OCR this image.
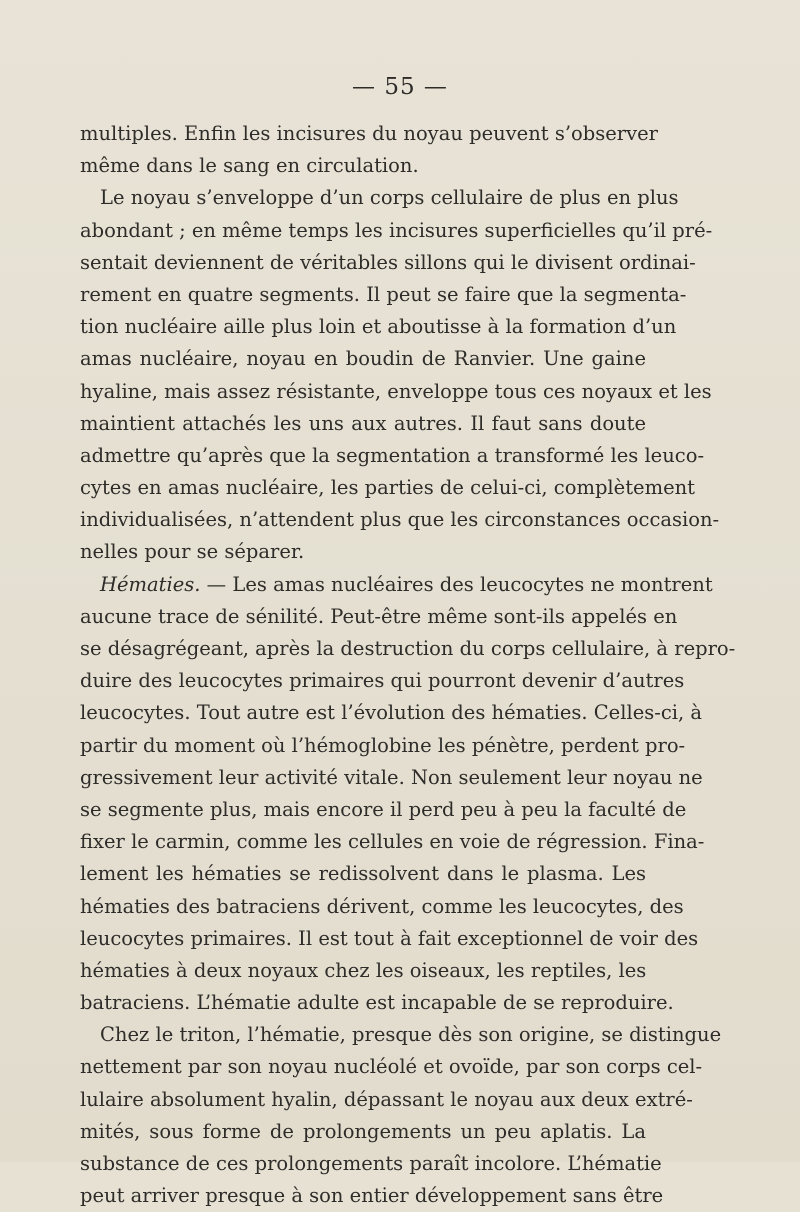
— 55 —
multiples. Enfin les incisures du noyau peuvent s’observer
même dans le sang en circulation.
Le noyau s’enveloppe d’un corps cellulaire de plus en plus
abondant ; en même temps les incisures superficielles qu’il pré-
sentait deviennent de véritables sillons qui le divisent ordinai-
rement en quatre segments. Il peut se faire que la segmenta-
tion nucléaire aille plus loin et aboutisse à la formation d’un
amas nucléaire, noyau en boudin de Ranvier. Une gaine
hyaline, mais assez résistante, enveloppe tous ces noyaux et les
maintient attachés les uns aux autres. Il faut sans doute
admettre qu’après que la segmentation a transformé les leuco-
cytes en amas nucléaire, les parties de celui-ci, complètement
individualisées, n’attendent plus que les circonstances occasion-
nelles pour se séparer.
Hématies. — Les amas nucléaires des leucocytes ne montrent
aucune trace de sénilité. Peut-être même sont-ils appelés en
se désagrégeant, après la destruction du corps cellulaire, à repro-
duire des leucocytes primaires qui pourront devenir d’autres
leucocytes. Tout autre est l’évolution des hématies. Celles-ci, à
partir du moment où l’hémoglobine les pénètre, perdent pro-
gressivement leur activité vitale. Non seulement leur noyau ne
se segmente plus, mais encore il perd peu à peu la faculté de
fixer le carmin, comme les cellules en voie de régression. Fina-
lement les hématies se redissolvent dans le plasma. Les
hématies des batraciens dérivent, comme les leucocytes, des
leucocytes primaires. Il est tout à fait exceptionnel de voir des
hématies à deux noyaux chez les oiseaux, les reptiles, les
batraciens. L’hématie adulte est incapable de se reproduire.
Chez le triton, l’hématie, presque dès son origine, se distingue
nettement par son noyau nucléolé et ovoïde, par son corps cel-
lulaire absolument hyalin, dépassant le noyau aux deux extré-
mités, sous forme de prolongements un peu aplatis. La
substance de ces prolongements paraît incolore. L’hématie
peut arriver presque à son entier développement sans être
